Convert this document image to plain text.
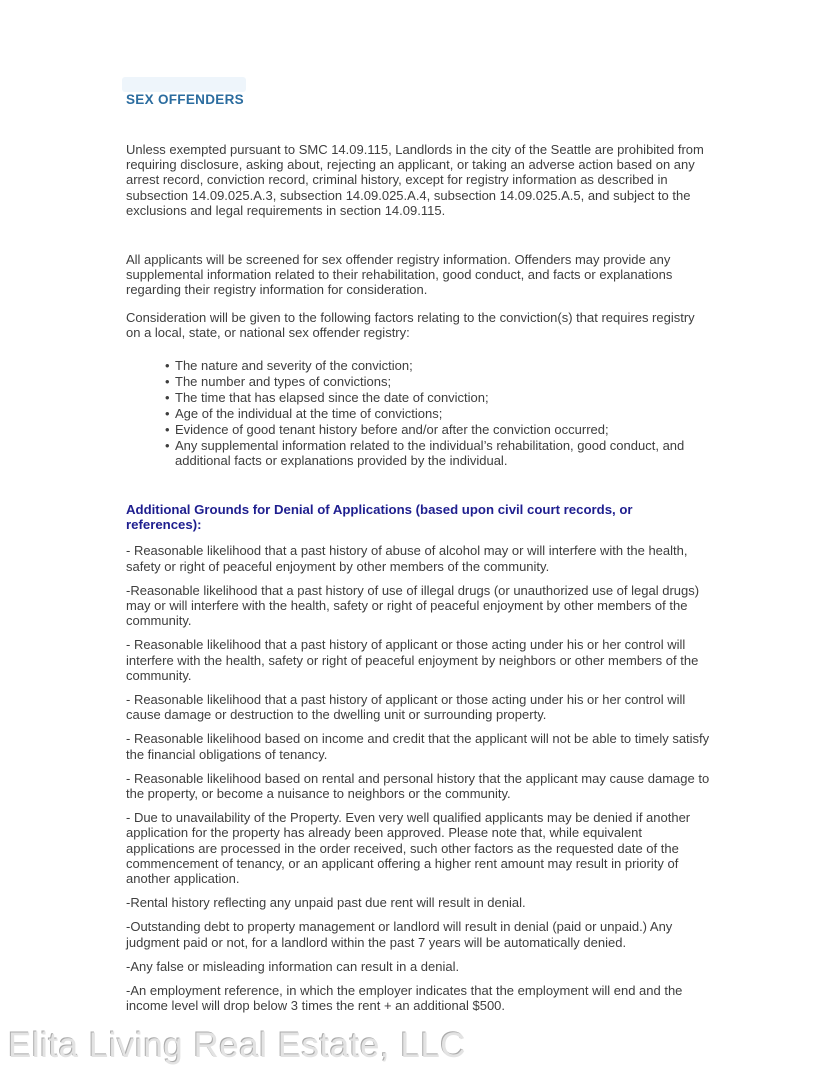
SEX OFFENDERS

Unless exempted pursuant to SMC 14.09.115, Landlords in the city of the Seattle are prohibited from requiring disclosure, asking about, rejecting an applicant, or taking an adverse action based on any arrest record, conviction record, criminal history, except for registry information as described in subsection 14.09.025.A.3, subsection 14.09.025.A.4, subsection 14.09.025.A.5, and subject to the exclusions and legal requirements in section 14.09.115.

All applicants will be screened for sex offender registry information. Offenders may provide any supplemental information related to their rehabilitation, good conduct, and facts or explanations regarding their registry information for consideration.

Consideration will be given to the following factors relating to the conviction(s) that requires registry on a local, state, or national sex offender registry:

• The nature and severity of the conviction;
• The number and types of convictions;
• The time that has elapsed since the date of conviction;
• Age of the individual at the time of convictions;
• Evidence of good tenant history before and/or after the conviction occurred;
• Any supplemental information related to the individual’s rehabilitation, good conduct, and additional facts or explanations provided by the individual.
Additional Grounds for Denial of Applications (based upon civil court records, or references):

- Reasonable likelihood that a past history of abuse of alcohol may or will interfere with the health, safety or right of peaceful enjoyment by other members of the community.

-Reasonable likelihood that a past history of use of illegal drugs (or unauthorized use of legal drugs) may or will interfere with the health, safety or right of peaceful enjoyment by other members of the community.

- Reasonable likelihood that a past history of applicant or those acting under his or her control will interfere with the health, safety or right of peaceful enjoyment by neighbors or other members of the community.

- Reasonable likelihood that a past history of applicant or those acting under his or her control will cause damage or destruction to the dwelling unit or surrounding property.

- Reasonable likelihood based on income and credit that the applicant will not be able to timely satisfy the financial obligations of tenancy.

- Reasonable likelihood based on rental and personal history that the applicant may cause damage to the property, or become a nuisance to neighbors or the community.

- Due to unavailability of the Property. Even very well qualified applicants may be denied if another application for the property has already been approved. Please note that, while equivalent applications are processed in the order received, such other factors as the requested date of the commencement of tenancy, or an applicant offering a higher rent amount may result in priority of another application.

-Rental history reflecting any unpaid past due rent will result in denial.

-Outstanding debt to property management or landlord will result in denial (paid or unpaid.) Any judgment paid or not, for a landlord within the past 7 years will be automatically denied.

-Any false or misleading information can result in a denial.

-An employment reference, in which the employer indicates that the employment will end and the income level will drop below 3 times the rent + an additional $500.

Elita Living Real Estate, LLC
